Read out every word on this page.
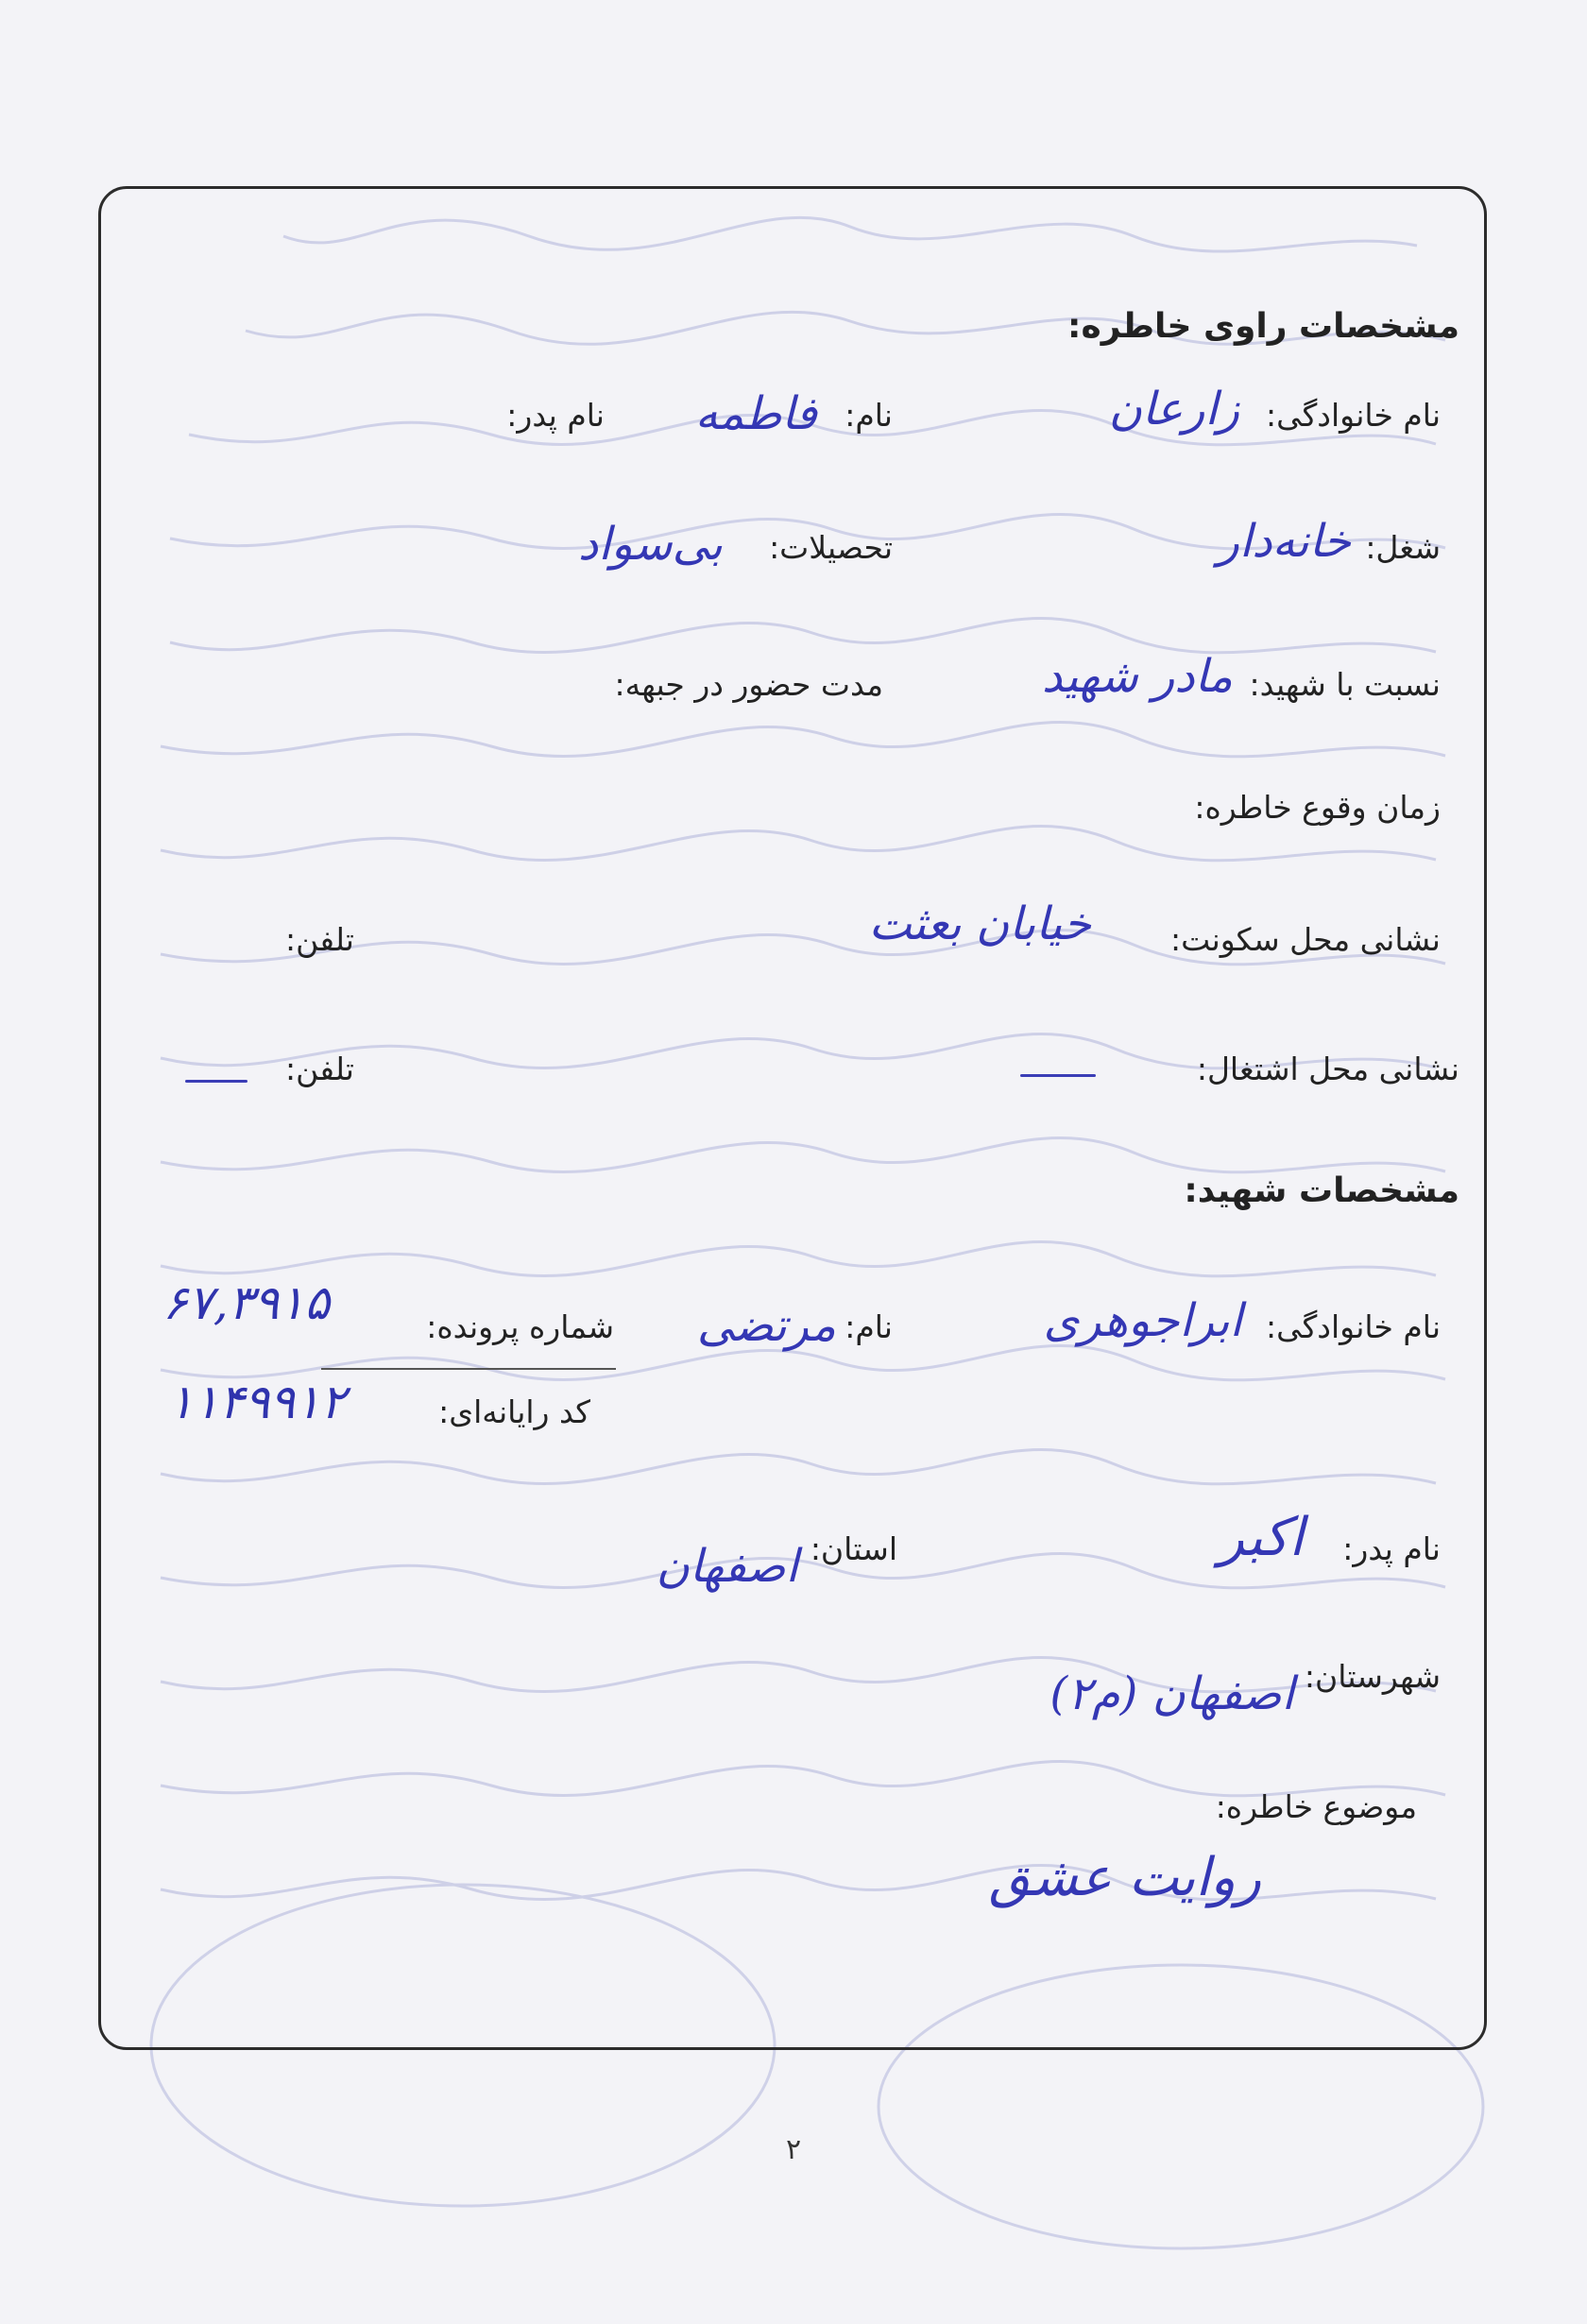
مشخصات راوی خاطره:
نام خانوادگی:
زارعان
نام:
فاطمه
نام پدر:
شغل:
خانه‌دار
تحصیلات:
بی‌سواد
نسبت با شهید:
مادر شهید
مدت حضور در جبهه:
زمان وقوع خاطره:
نشانی محل سکونت:
خیابان بعثت
تلفن:
نشانی محل اشتغال:
تلفن:
مشخصات شهید:
نام خانوادگی:
ابراجوهری
نام:
مرتضی
شماره پرونده:
۶۷,۳۹۱۵
کد رایانه‌ای:
۱۱۴۹۹۱۲
نام پدر:
اکبر
استان:
اصفهان
شهرستان:
اصفهان (م۲)
موضوع خاطره:
روایت عشق
۲
